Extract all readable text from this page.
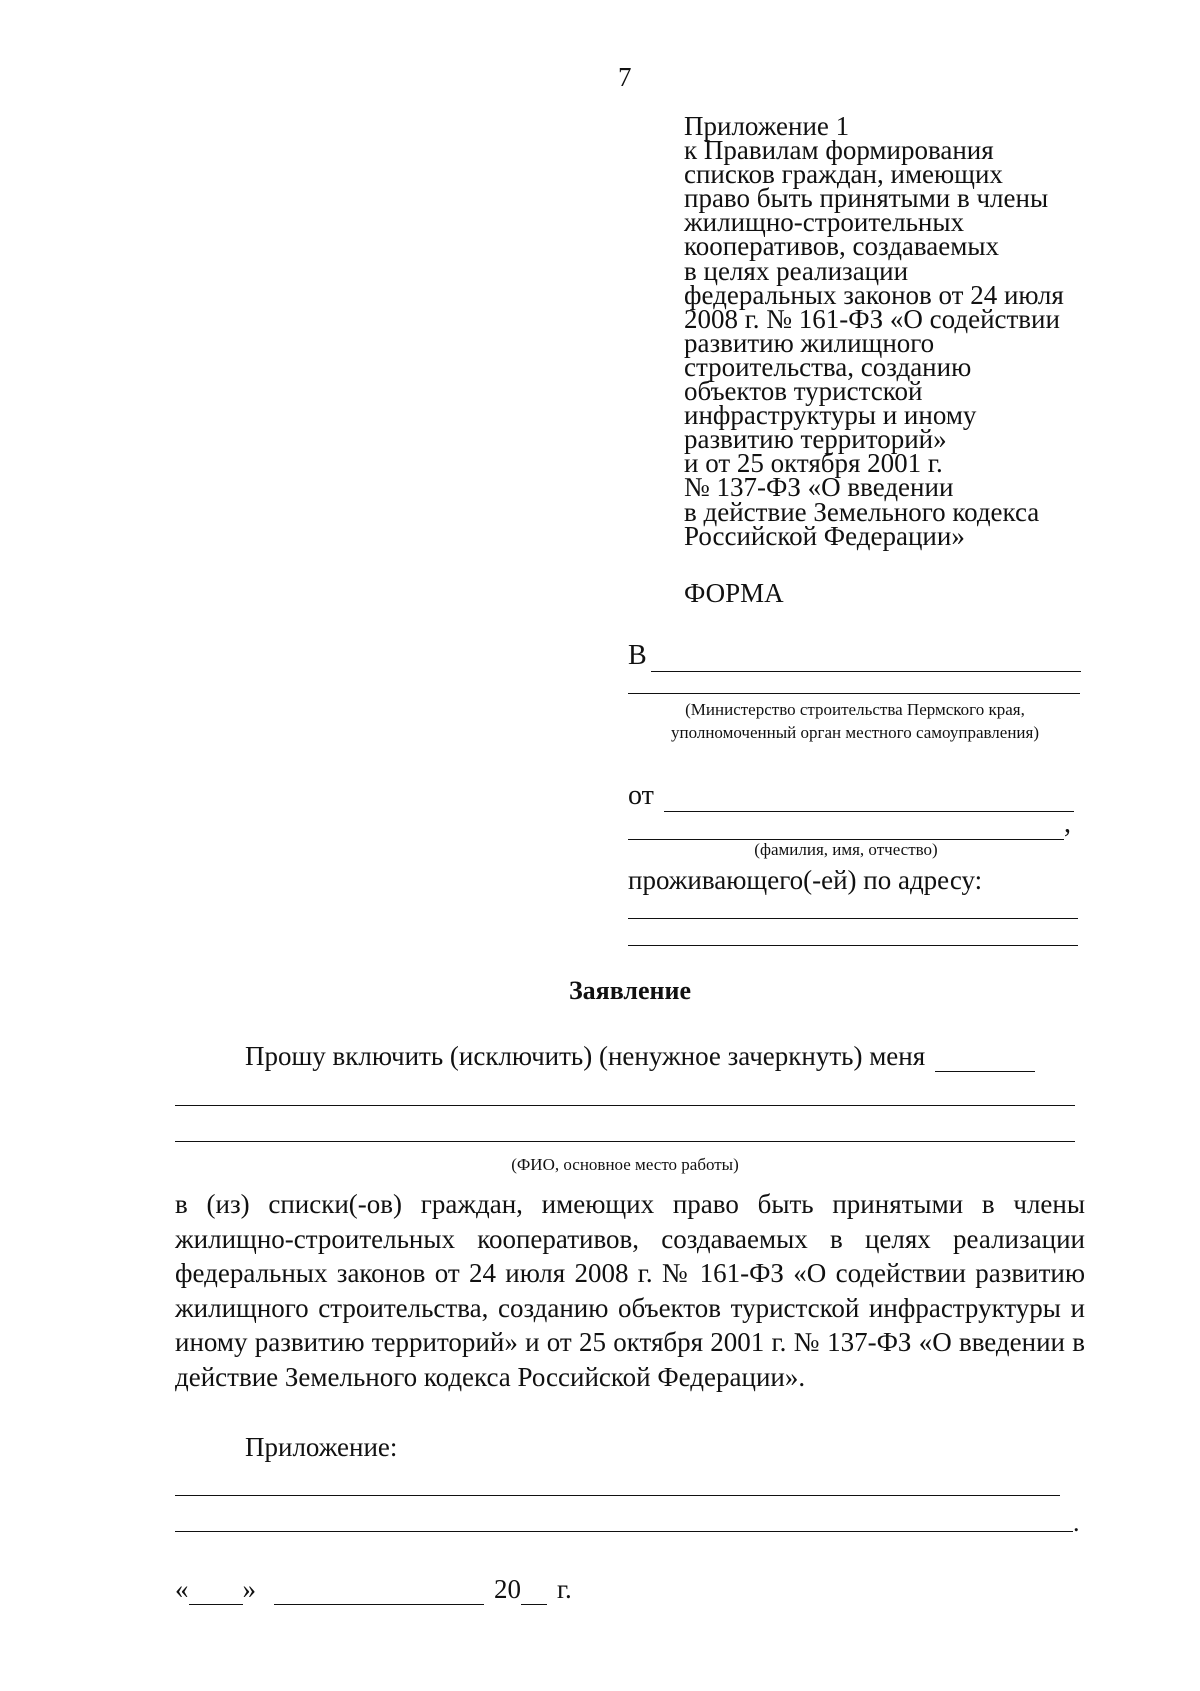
7
Приложение 1
к Правилам формирования
списков граждан, имеющих
право быть принятыми в члены
жилищно-строительных
кооперативов, создаваемых
в целях реализации
федеральных законов от 24 июля
2008 г. № 161-ФЗ «О содействии
развитию жилищного
строительства, созданию
объектов туристской
инфраструктуры и иному
развитию территорий»
и от 25 октября 2001 г.
№ 137-ФЗ «О введении
в действие Земельного кодекса
Российской Федерации»
ФОРМА
В
(Министерство строительства Пермского края,
уполномоченный орган местного самоуправления)
от
,
(фамилия, имя, отчество)
проживающего(-ей) по адресу:
Заявление
Прошу включить (исключить) (ненужное зачеркнуть) меня
(ФИО, основное место работы)

в (из) списки(-ов) граждан, имеющих право быть принятыми в члены жилищно-строительных кооперативов, создаваемых в целях реализации федеральных законов от 24 июля 2008 г. № 161-ФЗ «О содействии развитию жилищного строительства, созданию объектов туристской инфраструктуры и иному развитию территорий» и от 25 октября 2001 г. № 137-ФЗ «О введении в действие Земельного кодекса Российской Федерации».

Приложение:
.
« »	20 г.
